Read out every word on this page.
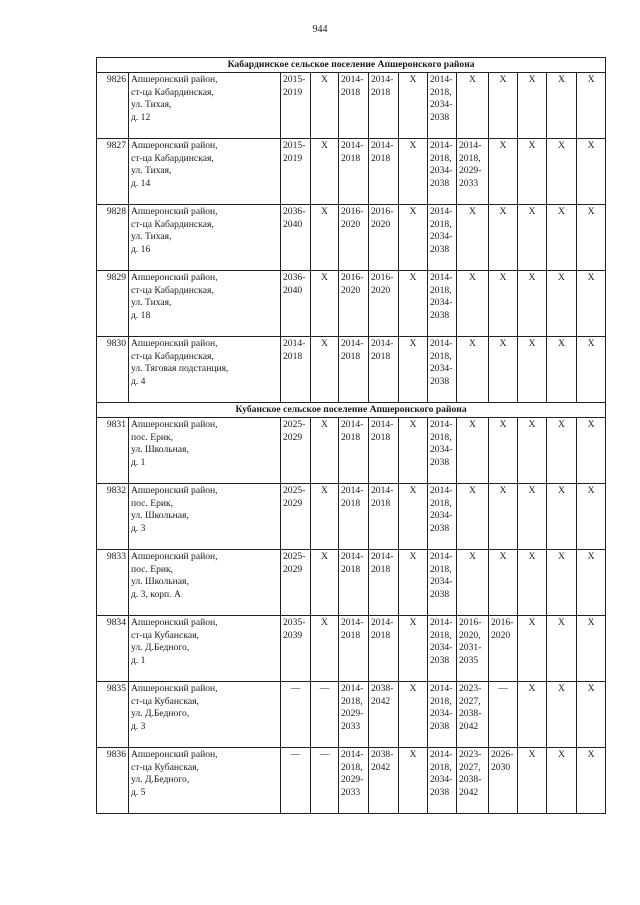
944
Кабардинское сельское поселение Апшеронского района												
9826	Апшеронский район,
ст-ца Кабардинская,
ул. Тихая,
д. 12	2015-
2019	Х	2014-
2018	2014-
2018	Х	2014-
2018,
2034-
2038	Х	Х	Х	Х	Х

9827	Апшеронский район,
ст-ца Кабардинская,
ул. Тихая,
д. 14	2015-
2019	Х	2014-
2018	2014-
2018	Х	2014-
2018,
2034-
2038	2014-
2018,
2029-
2033	Х	Х	Х	Х

9828	Апшеронский район,
ст-ца Кабардинская,
ул. Тихая,
д. 16	2036-
2040	Х	2016-
2020	2016-
2020	Х	2014-
2018,
2034-
2038	Х	Х	Х	Х	Х

9829	Апшеронский район,
ст-ца Кабардинская,
ул. Тихая,
д. 18	2036-
2040	Х	2016-
2020	2016-
2020	Х	2014-
2018,
2034-
2038	Х	Х	Х	Х	Х

9830	Апшеронский район,
ст-ца Кабардинская,
ул. Тяговая подстанция,
д. 4	2014-
2018	Х	2014-
2018	2014-
2018	Х	2014-
2018,
2034-
2038	Х	Х	Х	Х	Х

Кубанское сельское поселение Апшеронского района												
9831	Апшеронский район,
пос. Ерик,
ул. Школьная,
д. 1	2025-
2029	Х	2014-
2018	2014-
2018	Х	2014-
2018,
2034-
2038	Х	Х	Х	Х	Х

9832	Апшеронский район,
пос. Ерик,
ул. Школьная,
д. 3	2025-
2029	Х	2014-
2018	2014-
2018	Х	2014-
2018,
2034-
2038	Х	Х	Х	Х	Х

9833	Апшеронский район,
пос. Ерик,
ул. Школьная,
д. 3, корп. А	2025-
2029	Х	2014-
2018	2014-
2018	Х	2014-
2018,
2034-
2038	Х	Х	Х	Х	Х

9834	Апшеронский район,
ст-ца Кубанская,
ул. Д.Бедного,
д. 1	2035-
2039	Х	2014-
2018	2014-
2018	Х	2014-
2018,
2034-
2038	2016-
2020,
2031-
2035	2016-
2020	Х	Х	Х

9835	Апшеронский район,
ст-ца Кубанская,
ул. Д.Бедного,
д. 3	—	—	2014-
2018,
2029-
2033	2038-
2042	Х	2014-
2018,
2034-
2038	2023-
2027,
2038-
2042	—	Х	Х	Х

9836	Апшеронский район,
ст-ца Кубанская,
ул. Д.Бедного,
д. 5	—	—	2014-
2018,
2029-
2033	2038-
2042	Х	2014-
2018,
2034-
2038	2023-
2027,
2038-
2042	2026-
2030	Х	Х	Х
